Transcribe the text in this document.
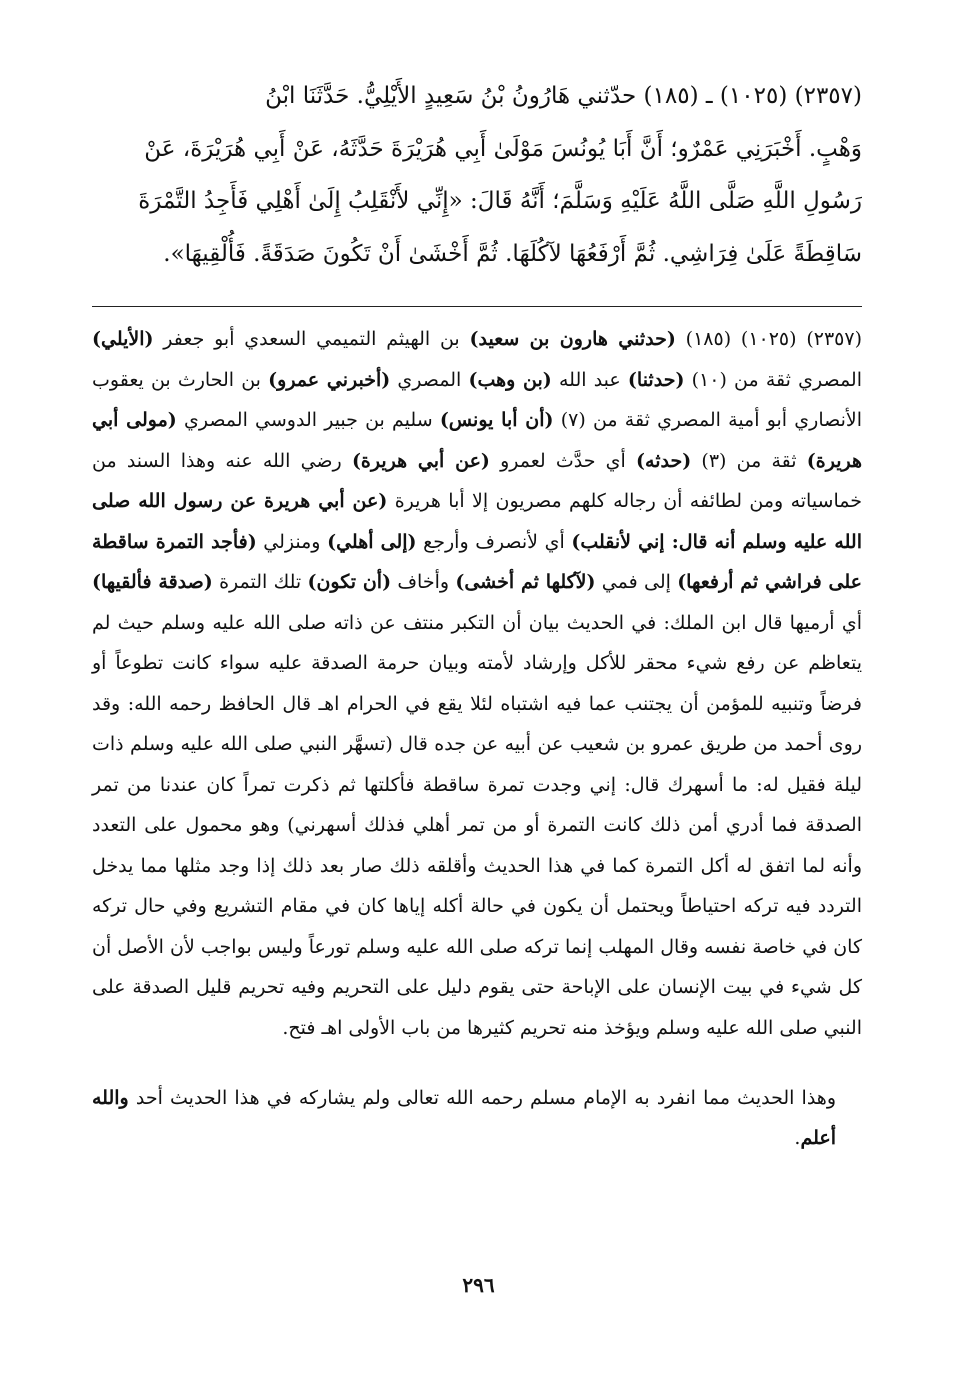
(٢٣٥٧) (١٠٢٥) ـ (١٨٥) حدّثني هَارُونُ بْنُ سَعِيدٍ الأَيْلِيُّ. حَدَّثَنَا ابْنُ
وَهْبٍ. أَخْبَرَنِي عَمْرٌو؛ أَنَّ أَبَا يُونُسَ مَوْلَىٰ أَبِي هُرَيْرَةَ حَدَّثَهُ، عَنْ أَبِي هُرَيْرَةَ، عَنْ
رَسُولِ اللَّهِ صَلَّى اللَّهُ عَلَيْهِ وَسَلَّمَ؛ أَنَّهُ قَالَ: «إِنِّي لأَنْقَلِبُ إِلَىٰ أَهْلِي فَأَجِدُ التَّمْرَةَ
سَاقِطَةً عَلَىٰ فِرَاشِي. ثُمَّ أَرْفَعُهَا لآكُلَهَا. ثُمَّ أَخْشَىٰ أَنْ تَكُونَ صَدَقَةً. فَأُلْقِيهَا».

(٢٣٥٧) (١٠٢٥) (١٨٥) (حدثني هارون بن سعيد) بن الهيثم التميمي السعدي أبو جعفر (الأيلي) المصري ثقة من (١٠) (حدثنا) عبد الله (بن وهب) المصري (أخبرني عمرو) بن الحارث بن يعقوب الأنصاري أبو أمية المصري ثقة من (٧) (أن أبا يونس) سليم بن جبير الدوسي المصري (مولى أبي هريرة) ثقة من (٣) (حدثه) أي حدَّث لعمرو (عن أبي هريرة) رضي الله عنه وهذا السند من خماسياته ومن لطائفه أن رجاله كلهم مصريون إلا أبا هريرة (عن أبي هريرة عن رسول الله صلى الله عليه وسلم أنه قال: إني لأنقلب) أي لأنصرف وأرجع (إلى أهلي) ومنزلي (فأجد التمرة ساقطة على فراشي ثم أرفعها) إلى فمي (لآكلها ثم أخشى) وأخاف (أن تكون) تلك التمرة (صدقة فألقيها) أي أرميها قال ابن الملك: في الحديث بيان أن التكبر منتف عن ذاته صلى الله عليه وسلم حيث لم يتعاظم عن رفع شيء محقر للأكل وإرشاد لأمته وبيان حرمة الصدقة عليه سواء كانت تطوعاً أو فرضاً وتنبيه للمؤمن أن يجتنب عما فيه اشتباه لئلا يقع في الحرام اهـ قال الحافظ رحمه الله: وقد روى أحمد من طريق عمرو بن شعيب عن أبيه عن جده قال (تسهَّر النبي صلى الله عليه وسلم ذات ليلة فقيل له: ما أسهرك قال: إني وجدت تمرة ساقطة فأكلتها ثم ذكرت تمراً كان عندنا من تمر الصدقة فما أدري أمن ذلك كانت التمرة أو من تمر أهلي فذلك أسهرني) وهو محمول على التعدد وأنه لما اتفق له أكل التمرة كما في هذا الحديث وأقلقه ذلك صار بعد ذلك إذا وجد مثلها مما يدخل التردد فيه تركه احتياطاً ويحتمل أن يكون في حالة أكله إياها كان في مقام التشريع وفي حال تركه كان في خاصة نفسه وقال المهلب إنما تركه صلى الله عليه وسلم تورعاً وليس بواجب لأن الأصل أن كل شيء في بيت الإنسان على الإباحة حتى يقوم دليل على التحريم وفيه تحريم قليل الصدقة على النبي صلى الله عليه وسلم ويؤخذ منه تحريم كثيرها من باب الأولى اهـ فتح.

وهذا الحديث مما انفرد به الإمام مسلم رحمه الله تعالى ولم يشاركه في هذا الحديث أحد والله أعلم.

٢٩٦
